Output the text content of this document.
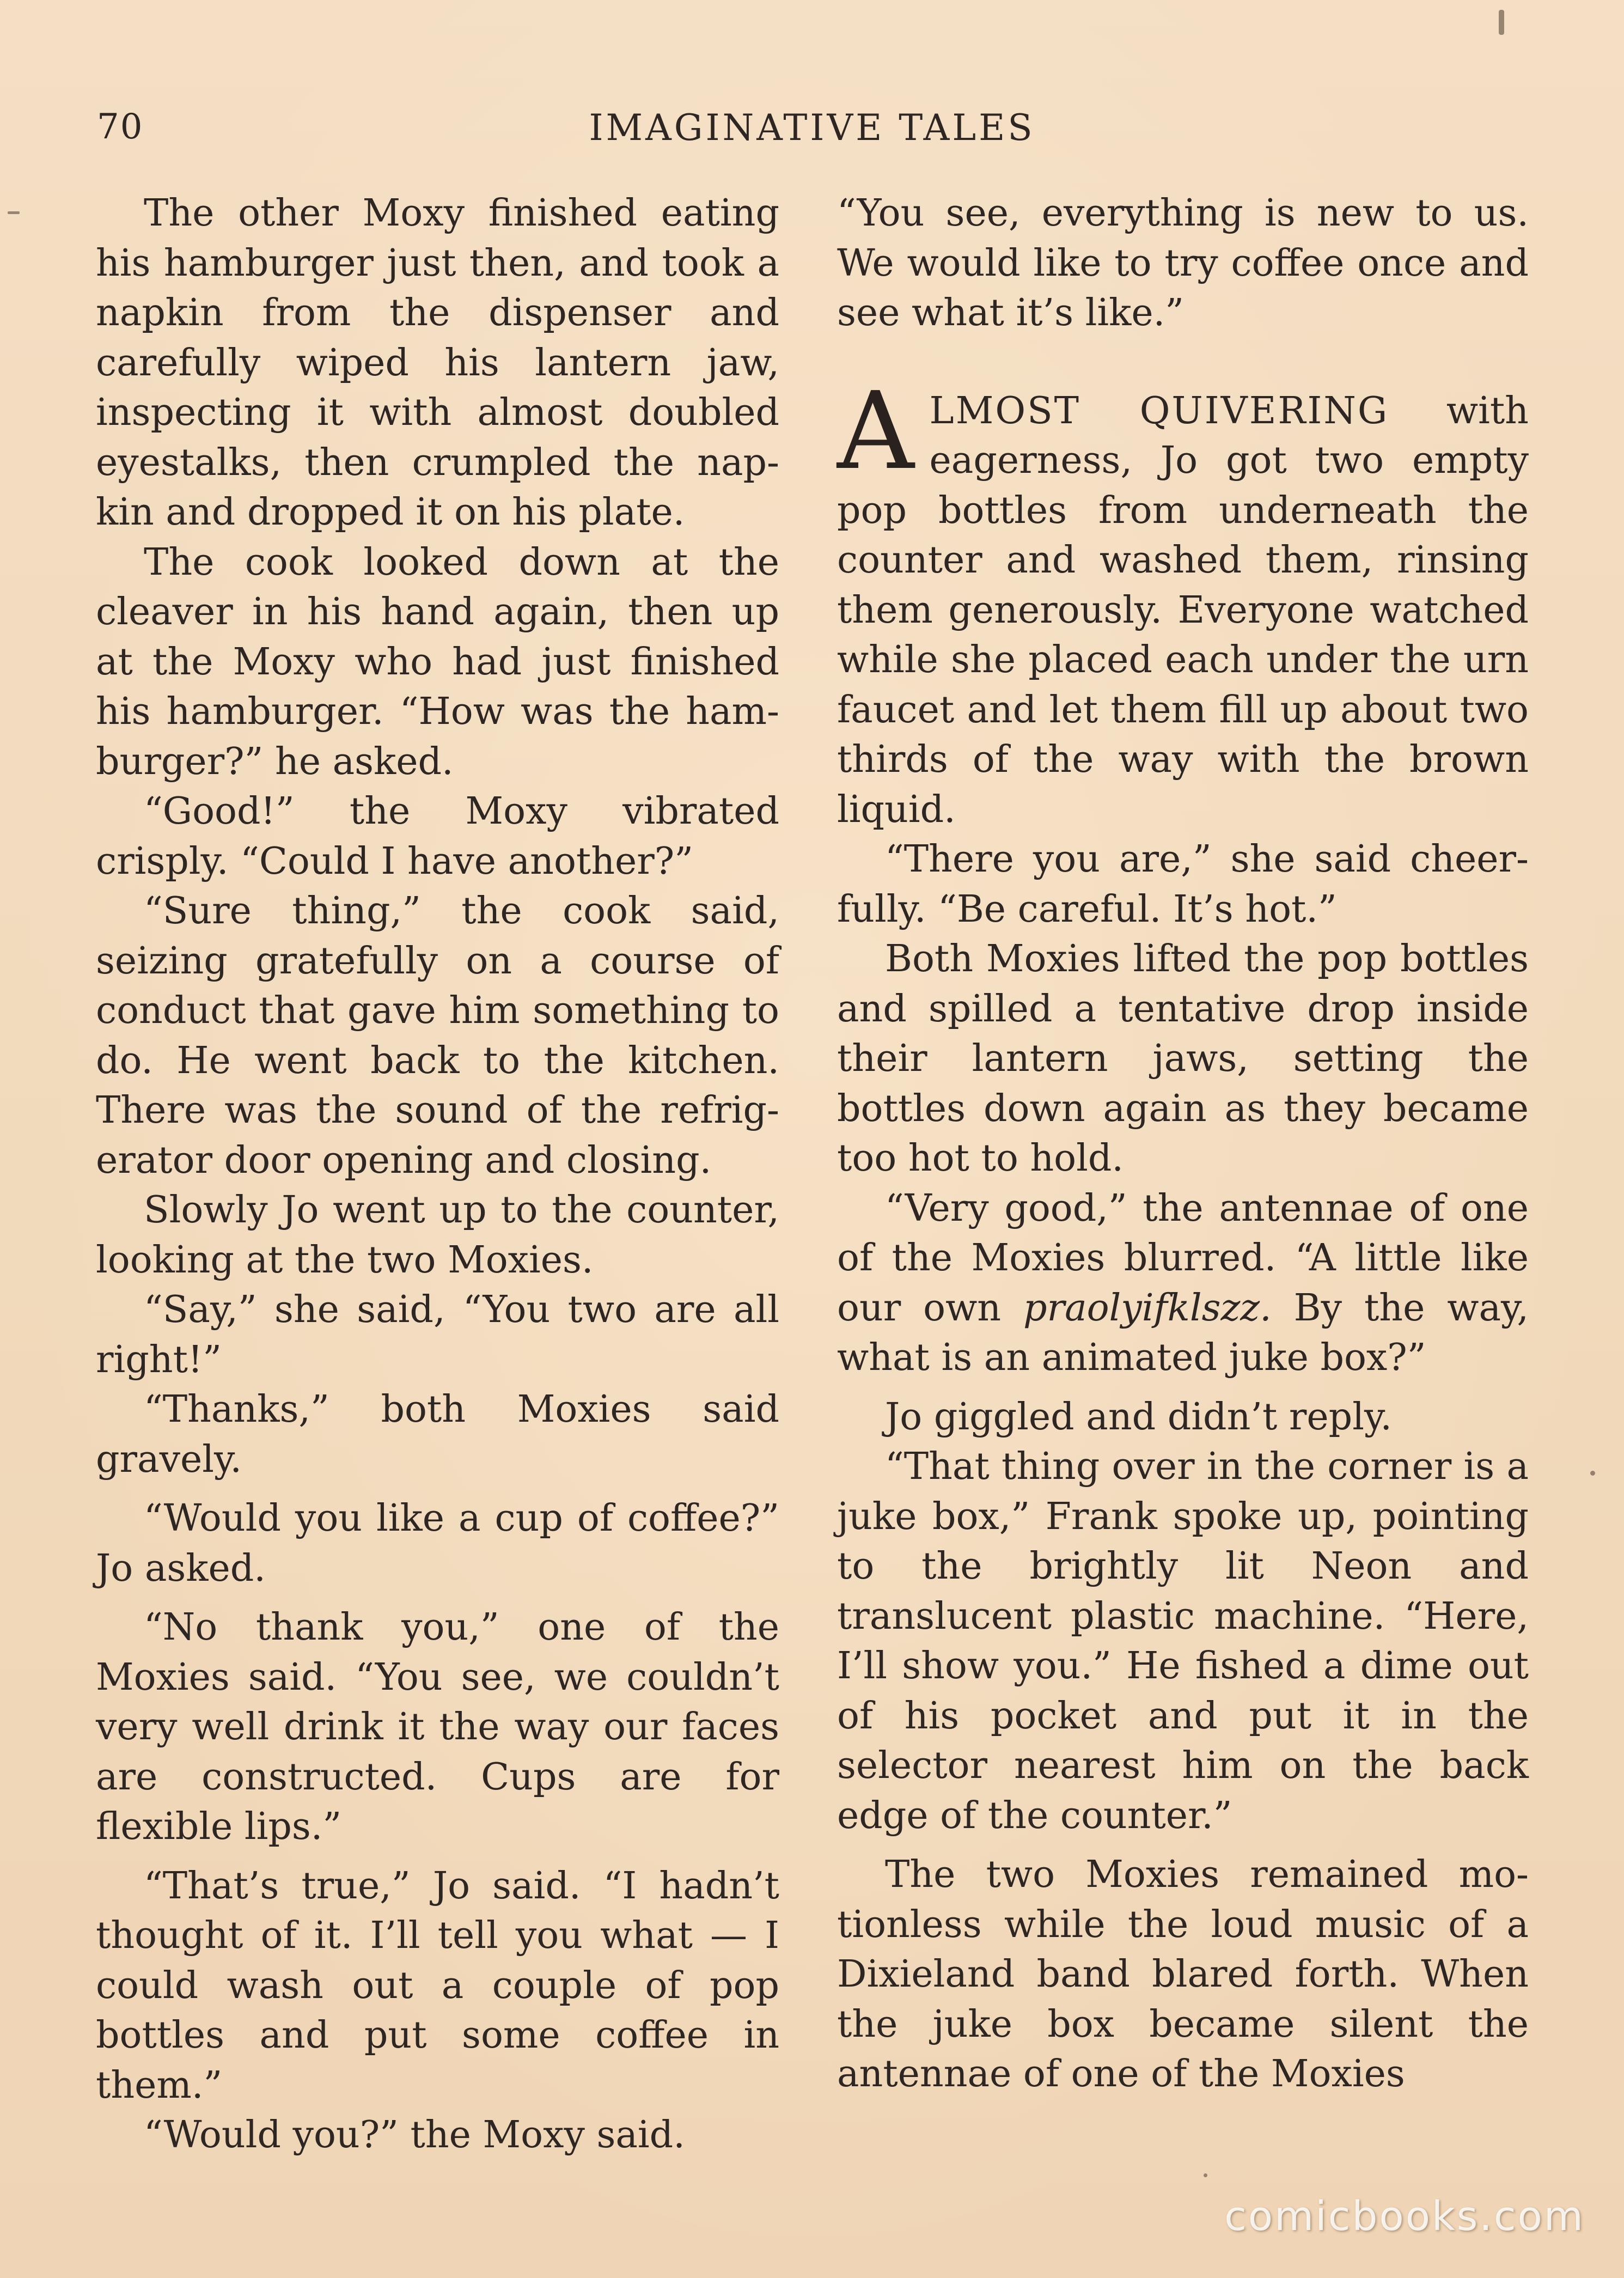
70	IMAGINATIVE TALES

The other Moxy finished eating his hamburger just then, and took a napkin from the dispenser and carefully wiped his lantern jaw, inspecting it with almost doubled eyestalks, then crumpled the napkin and dropped it on his plate.

The cook looked down at the cleaver in his hand again, then up at the Moxy who had just finished his hamburger. “How was the hamburger?” he asked.

“Good!” the Moxy vibrated crisply. “Could I have another?”

“Sure thing,” the cook said, seizing gratefully on a course of conduct that gave him something to do. He went back to the kitchen. There was the sound of the refrigerator door opening and closing.

Slowly Jo went up to the counter, looking at the two Moxies.

“Say,” she said, “You two are all right!”

“Thanks,” both Moxies said gravely.

“Would you like a cup of coffee?” Jo asked.

“No thank you,” one of the Moxies said. “You see, we couldn’t very well drink it the way our faces are constructed. Cups are for flexible lips.”

“That’s true,” Jo said. “I hadn’t thought of it. I’ll tell you what — I could wash out a couple of pop bottles and put some coffee in them.”

“Would you?” the Moxy said.

“You see, everything is new to us. We would like to try coffee once and see what it’s like.”

ALMOST QUIVERING with eagerness, Jo got two empty pop bottles from underneath the counter and washed them, rinsing them generously. Everyone watched while she placed each under the urn faucet and let them fill up about two thirds of the way with the brown liquid.

“There you are,” she said cheerfully. “Be careful. It’s hot.”

Both Moxies lifted the pop bottles and spilled a tentative drop inside their lantern jaws, setting the bottles down again as they became too hot to hold.

“Very good,” the antennae of one of the Moxies blurred. “A little like our own praolyifklszz. By the way, what is an animated juke box?”

Jo giggled and didn’t reply.

“That thing over in the corner is a juke box,” Frank spoke up, pointing to the brightly lit Neon and translucent plastic machine. “Here, I’ll show you.” He fished a dime out of his pocket and put it in the selector nearest him on the back edge of the counter.”

The two Moxies remained motionless while the loud music of a Dixieland band blared forth. When the juke box became silent the antennae of one of the Moxies

comicbooks.com
